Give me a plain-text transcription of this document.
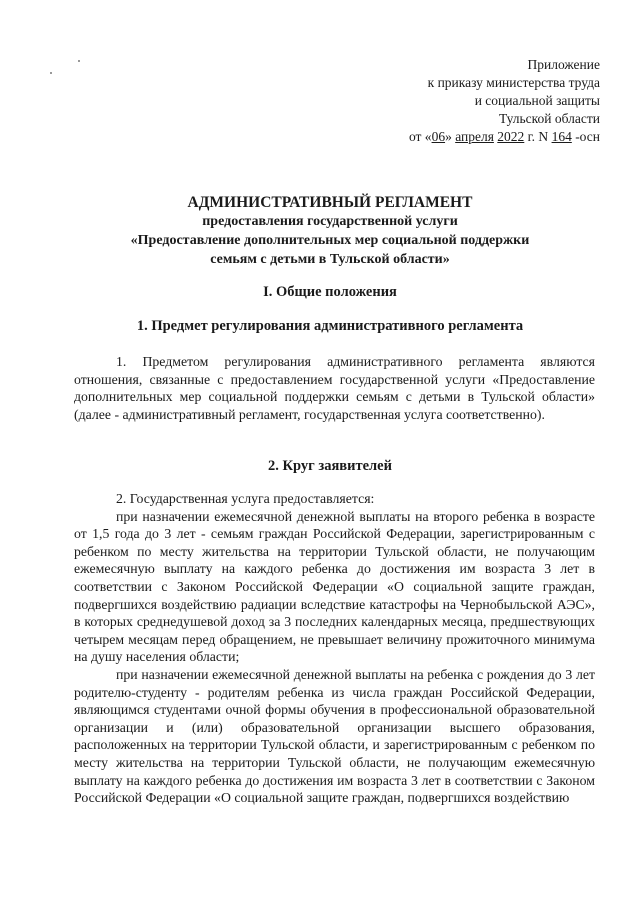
Приложение
к приказу министерства труда
и социальной защиты
Тульской области
от «06» апреля 2022 г. N 164 -осн
АДМИНИСТРАТИВНЫЙ РЕГЛАМЕНТ
предоставления государственной услуги
«Предоставление дополнительных мер социальной поддержки
семьям с детьми в Тульской области»
I. Общие положения
1. Предмет регулирования административного регламента

1. Предметом регулирования административного регламента являются отношения, связанные с предоставлением государственной услуги «Предоставление дополнительных мер социальной поддержки семьям с детьми в Тульской области» (далее - административный регламент, государственная услуга соответственно).

2. Круг заявителей

2. Государственная услуга предоставляется:

при назначении ежемесячной денежной выплаты на второго ребенка в возрасте от 1,5 года до 3 лет - семьям граждан Российской Федерации, зарегистрированным с ребенком по месту жительства на территории Тульской области, не получающим ежемесячную выплату на каждого ребенка до достижения им возраста 3 лет в соответствии с Законом Российской Федерации «О социальной защите граждан, подвергшихся воздействию радиации вследствие катастрофы на Чернобыльской АЭС», в которых среднедушевой доход за 3 последних календарных месяца, предшествующих четырем месяцам перед обращением, не превышает величину прожиточного минимума на душу населения области;

при назначении ежемесячной денежной выплаты на ребенка с рождения до 3 лет родителю-студенту - родителям ребенка из числа граждан Российской Федерации, являющимся студентами очной формы обучения в профессиональной образовательной организации и (или) образовательной организации высшего образования, расположенных на территории Тульской области, и зарегистрированным с ребенком по месту жительства на территории Тульской области, не получающим ежемесячную выплату на каждого ребенка до достижения им возраста 3 лет в соответствии с Законом Российской Федерации «О социальной защите граждан, подвергшихся воздействию
